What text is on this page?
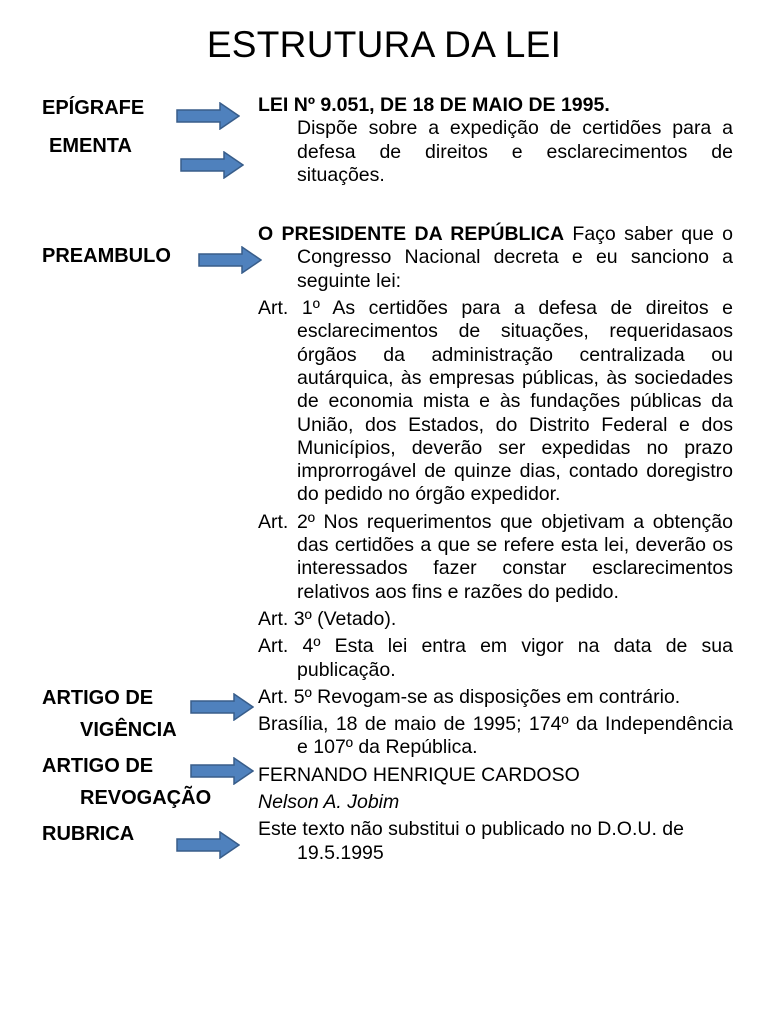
ESTRUTURA DA LEI
EPÍGRAFE
EMENTA
PREAMBULO
ARTIGO DE
VIGÊNCIA
ARTIGO DE
REVOGAÇÃO
RUBRICA
LEI Nº 9.051, DE 18 DE MAIO DE 1995.
Dispõe sobre a expedição de certidões para a defesa de direitos e esclarecimentos de situações.
O PRESIDENTE DA REPÚBLICA Faço saber que o Congresso Nacional decreta e eu sanciono a seguinte lei:
Art. 1º As certidões para a defesa de direitos e esclarecimentos de situações, requeridasaos órgãos da administração centralizada ou autárquica, às empresas públicas, às sociedades de economia mista e às fundações públicas da União, dos Estados, do Distrito Federal e dos Municípios, deverão ser expedidas no prazo improrrogável de quinze dias, contado doregistro do pedido no órgão expedidor.
Art. 2º Nos requerimentos que objetivam a obtenção das certidões a que se refere esta lei, deverão os interessados fazer constar esclarecimentos relativos aos fins e razões do pedido.
Art. 3º (Vetado).
Art. 4º Esta lei entra em vigor na data de sua publicação.
Art. 5º Revogam-se as disposições em contrário.
Brasília, 18 de maio de 1995; 174º da Independência e 107º da República.
FERNANDO HENRIQUE CARDOSO
Nelson A. Jobim
Este texto não substitui o publicado no D.O.U. de 19.5.1995
